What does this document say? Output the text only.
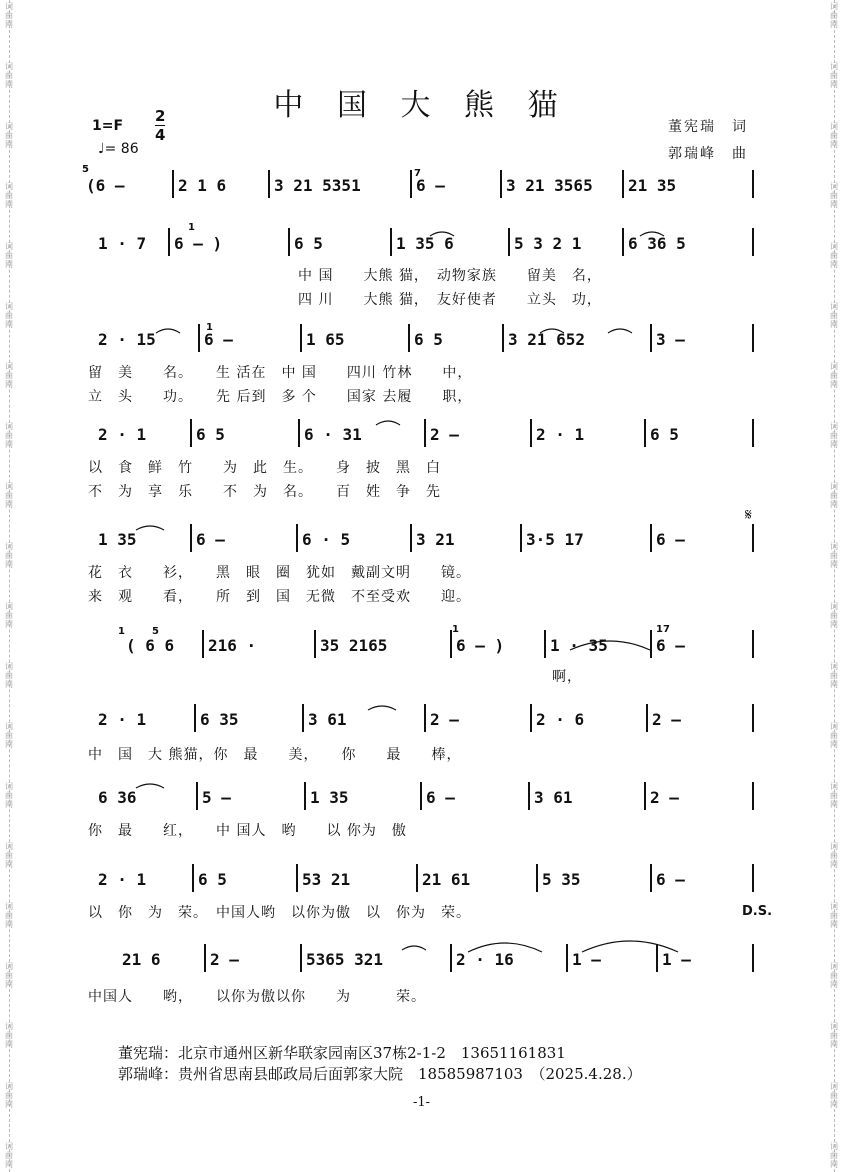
词
曲
网
词
曲
网
词
曲
网
词
曲
网
词
曲
网
词
曲
网
词
曲
网
词
曲
网
词
曲
网
词
曲
网
词
曲
网
词
曲
网
词
曲
网
词
曲
网
词
曲
网
词
曲
网
词
曲
网
词
曲
网
词
曲
网
词
曲
网
词
曲
网
词
曲
网
词
曲
网
词
曲
网
词
曲
网
词
曲
网
词
曲
网
词
曲
网
词
曲
网
词
曲
网
词
曲
网
词
曲
网
词
曲
网
词
曲
网
词
曲
网
词
曲
网
词
曲
网
词
曲
网
词
曲
网
词
曲
网
中 国 大 熊 猫
1=F
2
4
♩= 86
董宪瑞　词
郭瑞峰　曲
(6 –	2 1 6	3 21 5351	6 –	3 21 3565 21 35
1 · 7 6 – )	6 5	1 35 6	5 3 2 1	6 36 5
中 国　　大熊 猫，　动物家族　　留美　名，
四 川　　大熊 猫，　友好使者　　立头　功，
2 · 15	6 –	1 65	6 5	3 21 652	3 –
留　美　　名。　　生 活在　中 国　　四川 竹林　　中，
立　头　　功。　　先 后到　多 个　　国家 去履　　职，
2 · 1	6 5	6 · 31	2 –	2 · 1	6 5
以　食　鲜　竹　　为　此　生。　　身　披　黑　白
不　为　享　乐　　不　为　名。　　百　姓　争　先
1 35	6 –	6 · 5	3 21	3·5 17	6 –
花　衣　　衫，　　黑　眼　圈　犹如　戴副文明　　镜。
来　观　　看，　　所　到　国　无微　不至受欢　　迎。
( 6 6 216 ·	35 2165	6 – )	1 · 35	6 –
啊，
2 · 1	6 35	3 61	2 –	2 · 6	2 –
中　国　大 熊猫，你　最　　美，　　你　　最　　棒，
6 36	5 –	1 35	6 –	3 61	2 –
你　最　　红，　　中 国人　哟　　以 你为　傲
2 · 1	6 5	53 21	21 61	5 35	6 –
以　你　为　荣。　中国人哟　以你为傲　以　你为　荣。
21 6	2 –	5365 321	2 · 16	1 –	1 –
中国人　　哟，　　以你为傲以你　　为　　　荣。
5	7
1
1
1	5	1	17
𝄋
D.S.
董宪瑞：北京市通州区新华联家园南区37栋2-1-2　13651161831
郭瑞峰：贵州省思南县邮政局后面郭家大院　18585987103　（2025.4.28.）
-1-
